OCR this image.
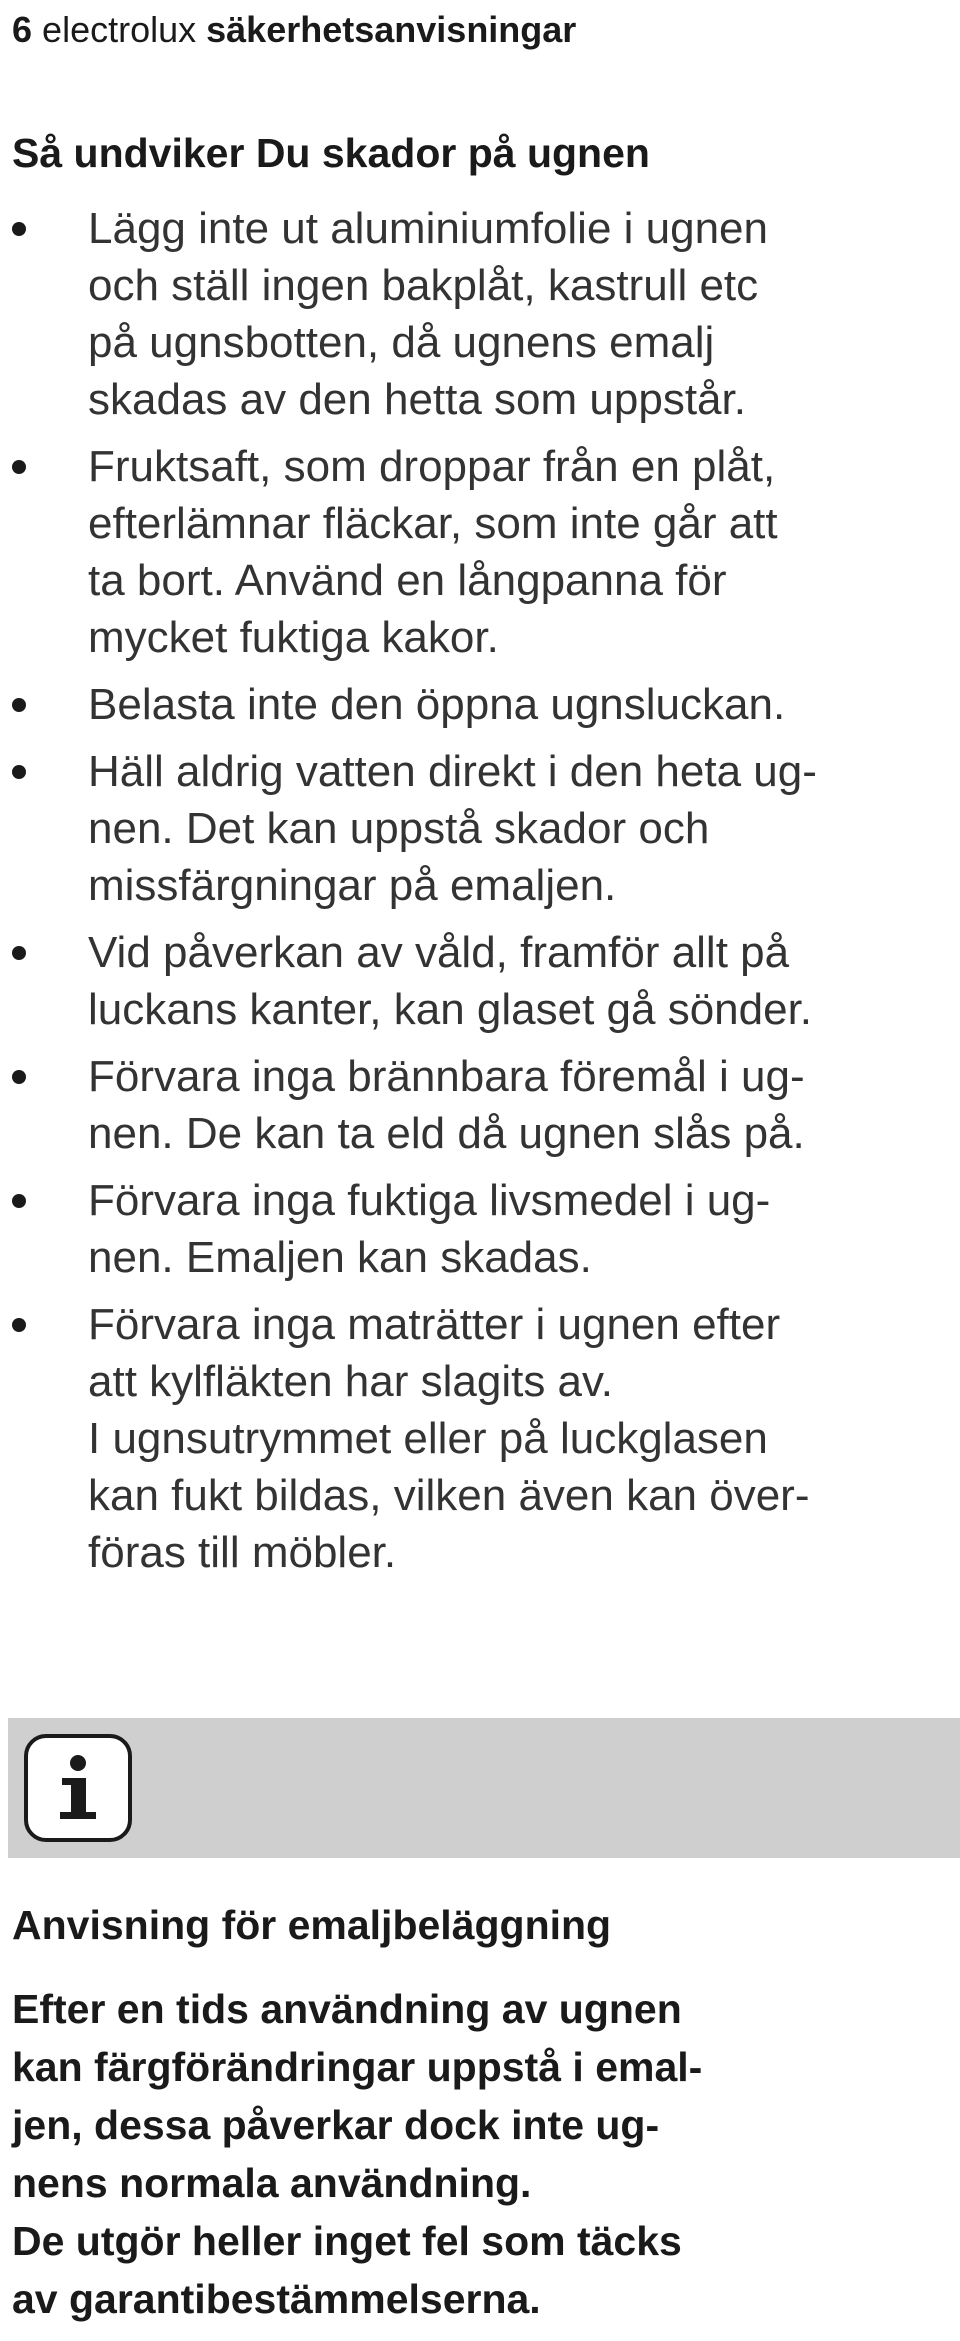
6 electrolux säkerhetsanvisningar
Så undviker Du skador på ugnen
Lägg inte ut aluminiumfolie i ugnen
och ställ ingen bakplåt, kastrull etc
på ugnsbotten, då ugnens emalj
skadas av den hetta som uppstår.
Fruktsaft, som droppar från en plåt,
efterlämnar fläckar, som inte går att
ta bort. Använd en långpanna för
mycket fuktiga kakor.
Belasta inte den öppna ugnsluckan.
Häll aldrig vatten direkt i den heta ug-
nen. Det kan uppstå skador och
missfärgningar på emaljen.
Vid påverkan av våld, framför allt på
luckans kanter, kan glaset gå sönder.
Förvara inga brännbara föremål i ug-
nen. De kan ta eld då ugnen slås på.
Förvara inga fuktiga livsmedel i ug-
nen. Emaljen kan skadas.
Förvara inga maträtter i ugnen efter
att kylfläkten har slagits av.
I ugnsutrymmet eller på luckglasen
kan fukt bildas, vilken även kan över-
föras till möbler.
Anvisning för emaljbeläggning

Efter en tids användning av ugnen
kan färgförändringar uppstå i emal-
jen, dessa påverkar dock inte ug-
nens normala användning.
De utgör heller inget fel som täcks
av garantibestämmelserna.
